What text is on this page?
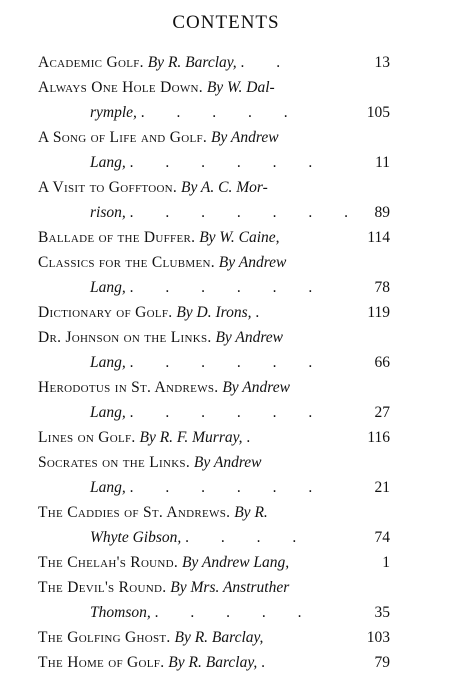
CONTENTS
Academic Golf. By R. Barclay, . .	13
Always One Hole Down. By W. Dal-
rymple, . . . . .	105
A Song of Life and Golf. By Andrew
Lang, . . . . . .	11
A Visit to Gofftoon. By A. C. Mor-
rison, . . . . . . . 89
Ballade of the Duffer. By W. Caine,	114
Classics for the Clubmen. By Andrew
Lang, . . . . . .	78
Dictionary of Golf. By D. Irons, .	119
Dr. Johnson on the Links. By Andrew
Lang, . . . . . .	66
Herodotus in St. Andrews. By Andrew
Lang, . . . . . .	27
Lines on Golf. By R. F. Murray, .	116
Socrates on the Links. By Andrew
Lang, . . . . . .	21
The Caddies of St. Andrews. By R.
Whyte Gibson, . . . .	74
The Chelah's Round. By Andrew Lang,	1
The Devil's Round. By Mrs. Anstruther
Thomson, . . . . .	35
The Golfing Ghost. By R. Barclay,	103
The Home of Golf. By R. Barclay, .	79
